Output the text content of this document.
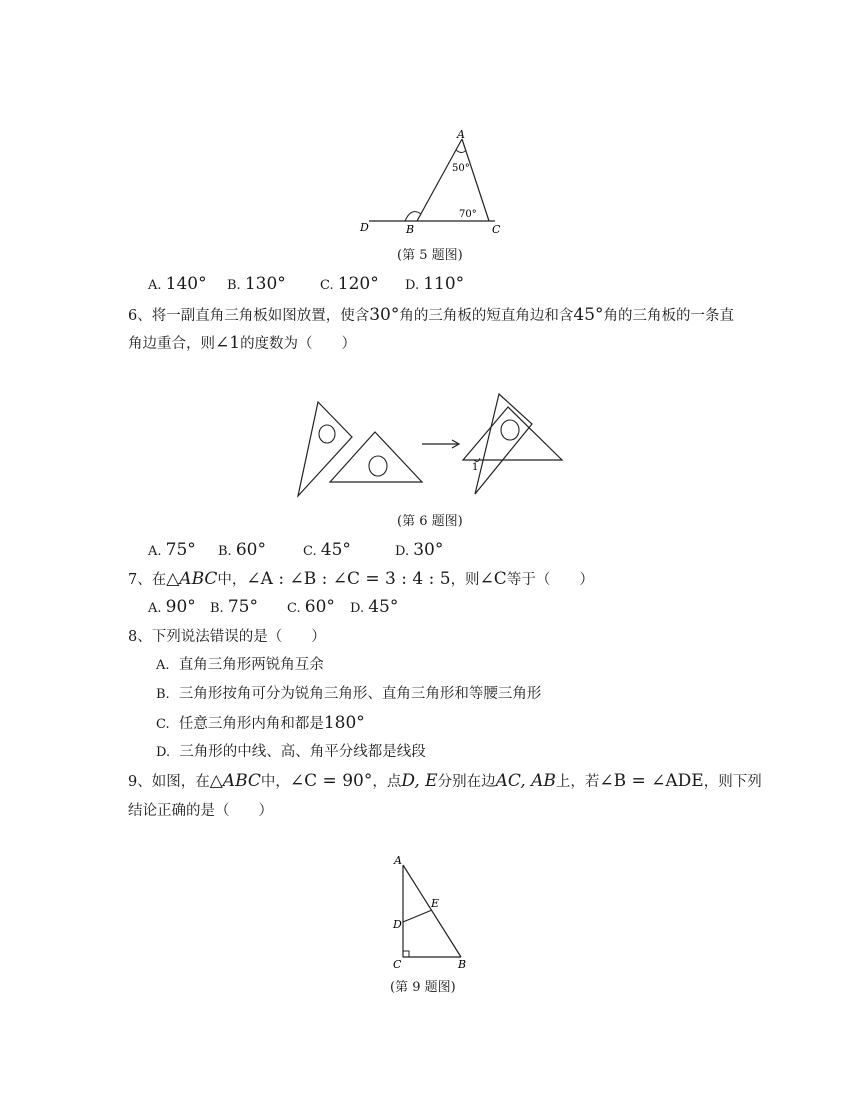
A
B	C
D
50°
70°
(第 5 题图)
A. 140° B. 130°	C. 120° D. 110°
6、将一副直角三角板如图放置，使含30°角的三角板的短直角边和含45°角的三角板的一条直
角边重合，则∠1的度数为（　　）
1
(第 6 题图)
A. 75° B. 60°	C. 45°	D. 30°
7、在△ABC中，∠A : ∠B : ∠C = 3 : 4 : 5，则∠C等于（　　）
A. 90° B. 75° C. 60° D. 45°
8、下列说法错误的是（　　）
A. 直角三角形两锐角互余
B. 三角形按角可分为锐角三角形、直角三角形和等腰三角形
C. 任意三角形内角和都是180°
D. 三角形的中线、高、角平分线都是线段
9、如图，在△ABC中，∠C = 90°，点D, E分别在边AC, AB上，若∠B = ∠ADE，则下列
结论正确的是（　　）
A
D
E
C	B
(第 9 题图)
